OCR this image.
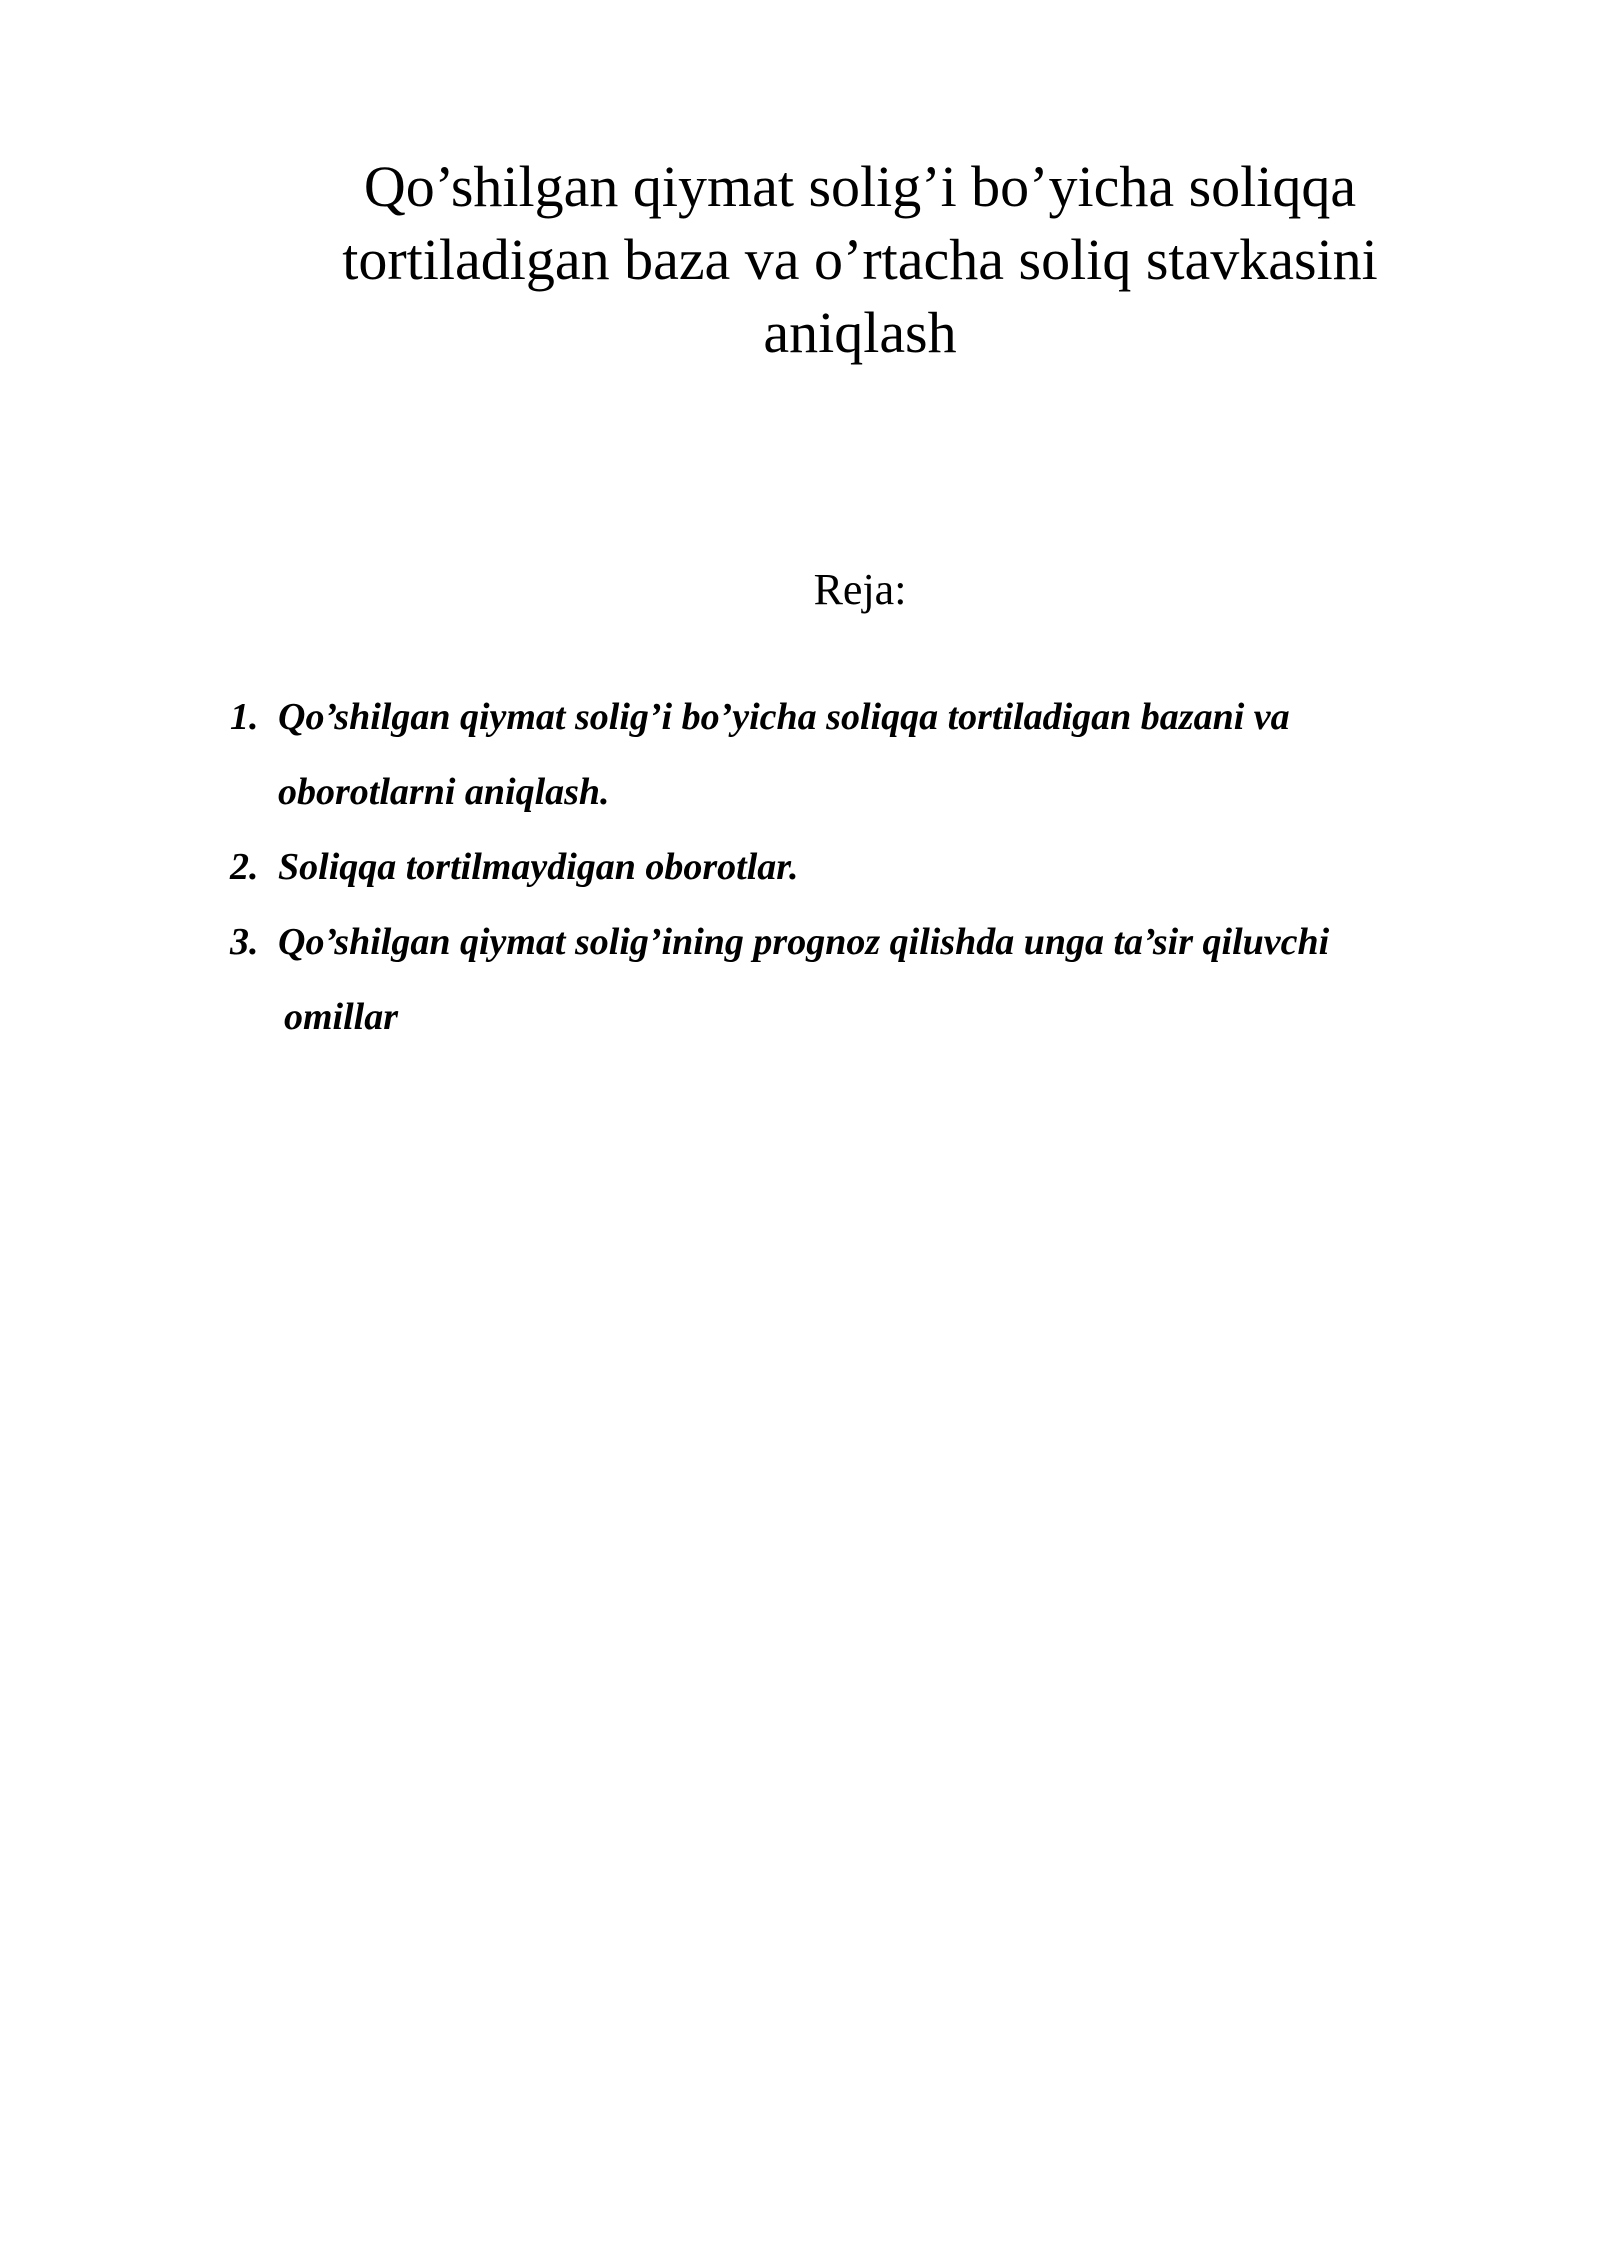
Qo’shilgan qiymat solig’i bo’yicha soliqqa
tortiladigan baza va o’rtacha soliq stavkasini
aniqlash
Reja:
1. Qo’shilgan qiymat solig’i bo’yicha soliqqa tortiladigan bazani va
oborotlarni aniqlash.
2. Soliqqa tortilmaydigan oborotlar.
3. Qo’shilgan qiymat solig’ining prognoz qilishda unga ta’sir qiluvchi
omillar
